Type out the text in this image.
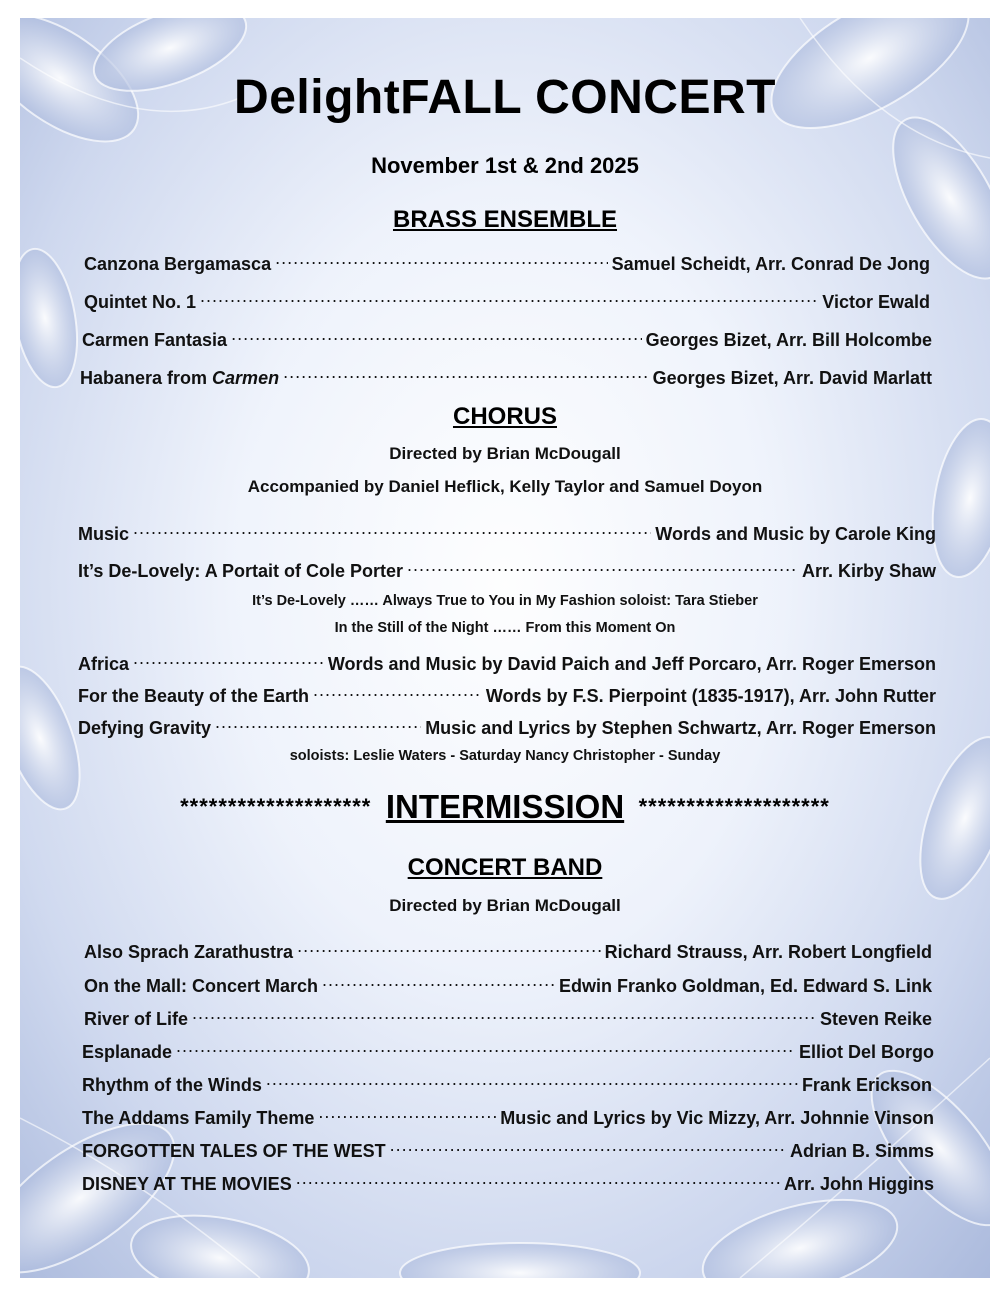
DelightFALL CONCERT
November 1st & 2nd 2025
BRASS ENSEMBLE
Canzona Bergamasca .....	Samuel Scheidt, Arr. Conrad De Jong
Quintet No. 1 .....	Victor Ewald
Carmen Fantasia .....	Georges Bizet, Arr. Bill Holcombe
Habanera from Carmen .....	Georges Bizet, Arr. David Marlatt
CHORUS
Directed by Brian McDougall
Accompanied by Daniel Heflick, Kelly Taylor and Samuel Doyon
Music .....	Words and Music by Carole King
It’s De-Lovely: A Portait of Cole Porter .....	Arr. Kirby Shaw
It’s De-Lovely …… Always True to You in My Fashion soloist: Tara Stieber
In the Still of the Night …… From this Moment On
Africa .....	Words and Music by David Paich and Jeff Porcaro, Arr. Roger Emerson
For the Beauty of the Earth .....	Words by F.S. Pierpoint (1835-1917), Arr. John Rutter
Defying Gravity .....	Music and Lyrics by Stephen Schwartz, Arr. Roger Emerson
soloists: Leslie Waters - Saturday Nancy Christopher - Sunday
******************** INTERMISSION ********************
CONCERT BAND
Directed by Brian McDougall
Also Sprach Zarathustra .....	Richard Strauss, Arr. Robert Longfield
On the Mall: Concert March .....	Edwin Franko Goldman, Ed. Edward S. Link
River of Life .....	Steven Reike
Esplanade .....	Elliot Del Borgo
Rhythm of the Winds .....	Frank Erickson
The Addams Family Theme .....	Music and Lyrics by Vic Mizzy, Arr. Johnnie Vinson
FORGOTTEN TALES OF THE WEST .....	Adrian B. Simms
DISNEY AT THE MOVIES .....	Arr. John Higgins
